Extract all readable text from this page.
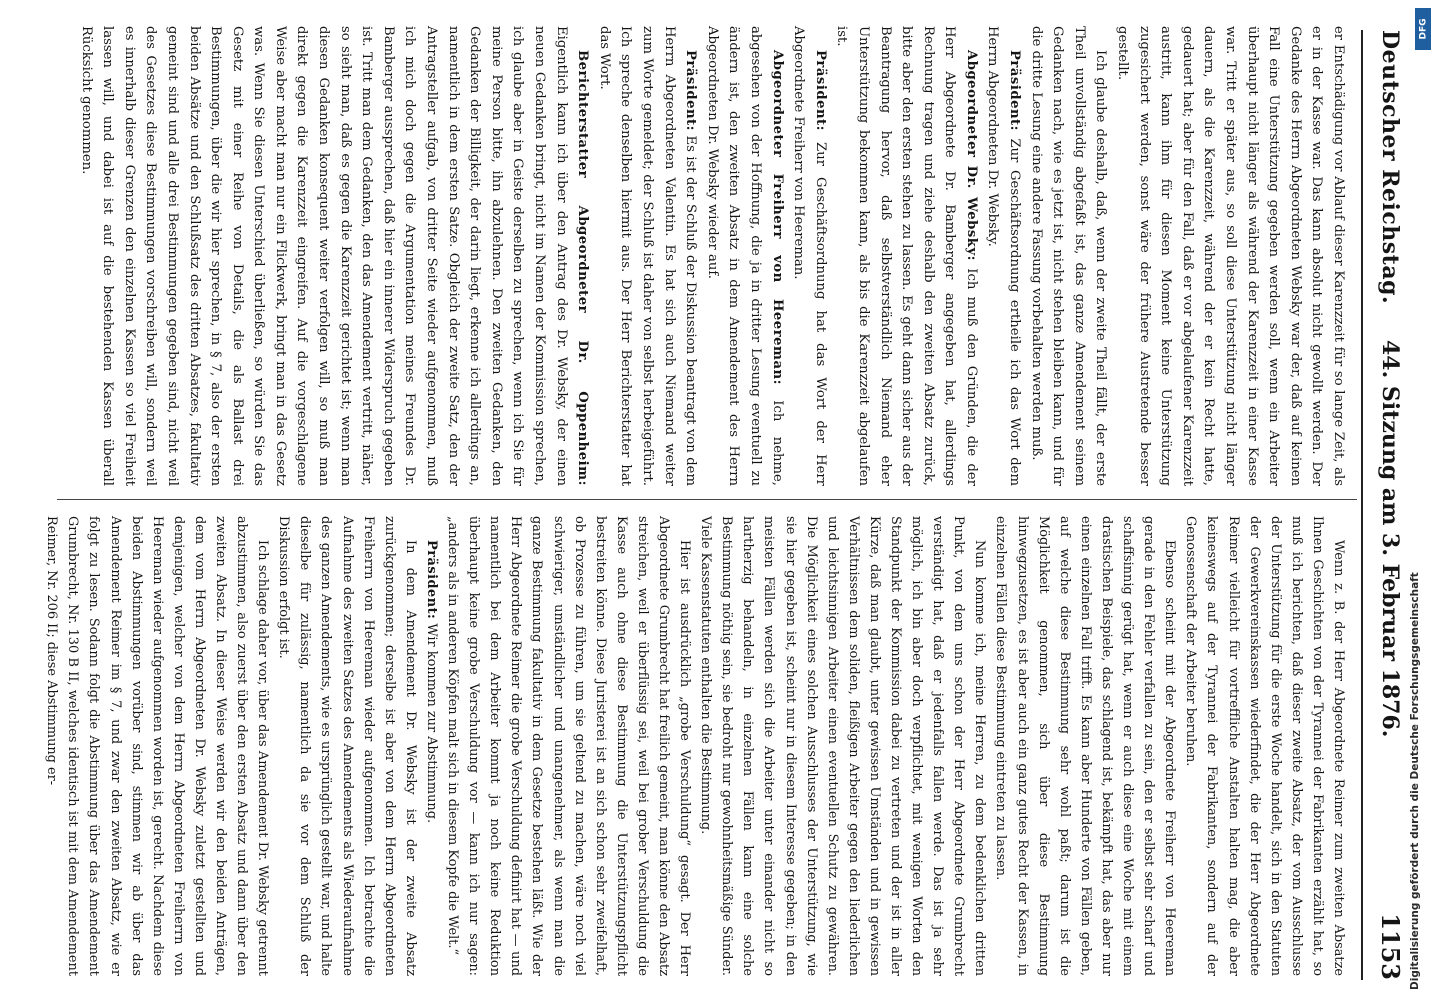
Deutscher Reichstag.
44. Sitzung am 3. Februar 1876.
1153

er Entschädigung vor Ablauf dieser Karenzzeit für so lange Zeit, als er in der Kasse war. Das kann absolut nicht gewollt werden. Der Gedanke des Herrn Abgeordneten Websky war der, daß auf keinen Fall eine Unterstützung gegeben werden soll, wenn ein Arbeiter überhaupt nicht länger als während der Karenzzeit in einer Kasse war. Tritt er später aus, so soll diese Unterstützung nicht länger dauern, als die Karenzzeit, während der er kein Recht hatte, gedauert hat; aber für den Fall, daß er vor abgelaufener Karenzzeit austritt, kann ihm für diesen Moment keine Unterstützung zugesichert werden, sonst wäre der frühere Austretende besser gestellt.

Ich glaube deshalb, daß, wenn der zweite Theil fällt, der erste Theil unvollständig abgefaßt ist, das ganze Amendement seinem Gedanken nach, wie es jetzt ist, nicht stehen bleiben kann, und für die dritte Lesung eine andere Fassung vorbehalten werden muß.

Präsident: Zur Geschäftsordnung ertheile ich das Wort dem Herrn Abgeordneten Dr. Websky.

Abgeordneter Dr. Websky: Ich muß den Gründen, die der Herr Abgeordnete Dr. Bamberger angegeben hat, allerdings Rechnung tragen und ziehe deshalb den zweiten Absatz zurück, bitte aber den ersten stehen zu lassen. Es geht dann sicher aus der Beantragung hervor, daß selbstverständlich Niemand eher Unterstützung bekommen kann, als bis die Karenzzeit abgelaufen ist.

Präsident: Zur Geschäftsordnung hat das Wort der Herr Abgeordnete Freiherr von Heereman.

Abgeordneter Freiherr von Heereman: Ich nehme, abgesehen von der Hoffnung, die ja in dritter Lesung eventuell zu ändern ist, den zweiten Absatz in dem Amendement des Herrn Abgeordneten Dr. Websky wieder auf.

Präsident: Es ist der Schluß der Diskussion beantragt von dem Herrn Abgeordneten Valentin. Es hat sich auch Niemand weiter zum Worte gemeldet; der Schluß ist daher von selbst herbeigeführt. Ich spreche denselben hiermit aus. Der Herr Berichterstatter hat das Wort.

Berichterstatter Abgeordneter Dr. Oppenheim: Eigentlich kann ich über den Antrag des Dr. Websky, der einen neuen Gedanken bringt, nicht im Namen der Kommission sprechen, ich glaube aber in Geiste derselben zu sprechen, wenn ich Sie für meine Person bitte, ihn abzulehnen. Den zweiten Gedanken, den Gedanken der Billigkeit, der darin liegt, erkenne ich allerdings an, namentlich in dem ersten Satze. Obgleich der zweite Satz, den der Antragsteller aufgab, von dritter Seite wieder aufgenommen, muß ich mich doch gegen die Argumentation meines Freundes Dr. Bamberger aussprechen, daß hier ein innerer Widerspruch gegeben ist. Tritt man dem Gedanken, den das Amendement vertritt, näher, so sieht man, daß es gegen die Karenzzeit gerichtet ist; wenn man diesen Gedanken konsequent weiter verfolgen will, so muß man direkt gegen die Karenzzeit eingreifen. Auf die vorgeschlagene Weise aber macht man nur ein Flickwerk, bringt man in das Gesetz was. Wenn Sie diesen Unterschied überließen, so würden Sie das Gesetz mit einer Reihe von Details, die als Ballast drei Bestimmungen, über die wir hier sprechen, in § 7, also der ersten beiden Absätze und den Schlußsatz des dritten Absatzes, fakultativ gemeint sind und alle drei Bestimmungen gegeben sind, nicht weil des Gesetzes diese Bestimmungen vorschreiben will, sondern weil es innerhalb dieser Grenzen den einzelnen Kassen so viel Freiheit lassen will, und dabei ist auf die bestehenden Kassen überall Rücksicht genommen.

Wenn z. B. der Herr Abgeordnete Reimer zum zweiten Absatze Ihnen Geschichten von der Tyrannei der Fabrikanten erzählt hat, so muß ich berichten, daß dieser zweite Absatz, der vom Ausschlusse der Unterstützung für die erste Woche handelt, sich in den Statuten der Gewerkvereinskassen wiederfindet, die der Herr Abgeordnete Reimer vielleicht für vortreffliche Anstalten halten mag, die aber keineswegs auf der Tyrannei der Fabrikanten, sondern auf der Genossenschaft der Arbeiter beruhen.

Ebenso scheint mit der Abgeordnete Freiherr von Heereman gerade in den Fehler verfallen zu sein, den er selbst sehr scharf und schaffsinnig gerügt hat, wenn er auch diese eine Woche mit einem drastischen Beispiele, das schlagend ist, bekämpft hat, das aber nur einen einzelnen Fall trifft. Es kann aber Hunderte von Fällen geben, auf welche diese Bestimmung sehr wohl paßt; darum ist die Möglichkeit genommen, sich über diese Bestimmung hinwegzusetzen, es ist aber auch ein ganz gutes Recht der Kassen, in einzelnen Fällen diese Bestimmung eintreten zu lassen.

Nun komme ich, meine Herren, zu dem bedenklichen dritten Punkt, von dem uns schon der Herr Abgeordnete Grumbrecht verständigt hat, daß er jedenfalls fallen werde. Das ist ja sehr möglich, ich bin aber doch verpflichtet, mit wenigen Worten den Standpunkt der Kommission dabei zu vertreten und der ist in aller Kürze, daß man glaubt, unter gewissen Umständen und in gewissen Verhältnissen dem soliden, fleißigen Arbeiter gegen den liederlichen und leichtsinnigen Arbeiter einen eventuellen Schutz zu gewähren. Die Möglichkeit eines solchen Ausschlusses der Unterstützung, wie sie hier gegeben ist, scheint nur in diesem Interesse gegeben; in den meisten Fällen werden sich die Arbeiter unter einander nicht so hartherzig behandeln, in einzelnen Fällen kann eine solche Bestimmung nöthig sein, sie bedroht nur gewohnheitsmäßige Sünder. Viele Kassenstatuten enthalten die Bestimmung.

Hier ist ausdrücklich „grobe Verschuldung“ gesagt. Der Herr Abgeordnete Grumbrecht hat freilich gemeint, man könne den Absatz streichen, weil er überflüssig sei, weil bei grober Verschuldung die Kasse auch ohne diese Bestimmung die Unterstützungspflicht bestreiten könne. Diese Juristerei ist an sich schon sehr zweifelhaft, ob Prozesse zu führen, um sie geltend zu machen, wäre noch viel schwieriger, umständlicher und unangenehmer, als wenn man die ganze Bestimmung fakultativ in dem Gesetze bestehen läßt. Wie der Herr Abgeordnete Reimer die grobe Verschuldung definirt hat — und namentlich bei dem Arbeiter kommt ja noch keine Reduktion überhaupt keine grobe Verschuldung vor — kann ich nur sagen: „anders als in anderen Köpfen malt sich in diesem Kopfe die Welt.“

Präsident: Wir kommen zur Abstimmung.

In dem Amendement Dr. Websky ist der zweite Absatz zurückgenommen; derselbe ist aber von dem Herrn Abgeordneten Freiherrn von Heereman wieder aufgenommen. Ich betrachte die Aufnahme des zweiten Satzes des Amendements als Wiederaufnahme des ganzen Amendements, wie es ursprünglich gestellt war, und halte dieselbe für zulässig, namentlich da sie vor dem Schluß der Diskussion erfolgt ist.

Ich schlage daher vor, über das Amendement Dr. Websky getrennt abzustimmen, also zuerst über den ersten Absatz und dann über den zweiten Absatz. In dieser Weise werden wir den beiden Anträgen, dem vom Herrn Abgeordneten Dr. Websky zuletzt gestellten und demjenigen, welcher von dem Herrn Abgeordneten Freiherrn von Heereman wieder aufgenommen worden ist, gerecht. Nachdem diese beiden Abstimmungen vorüber sind, stimmen wir ab über das Amendement Reimer im § 7, und zwar den zweiten Absatz, wie er folgt zu lesen. Sodann folgt die Abstimmung über das Amendement Grumbrecht, Nr. 130 B II, welches identisch ist mit dem Amendement Reimer, Nr. 206 II; diese Abstimmung er-	Digitalisierung gefördert durch die Deutsche Forschungsgemeinschaft
DFG
